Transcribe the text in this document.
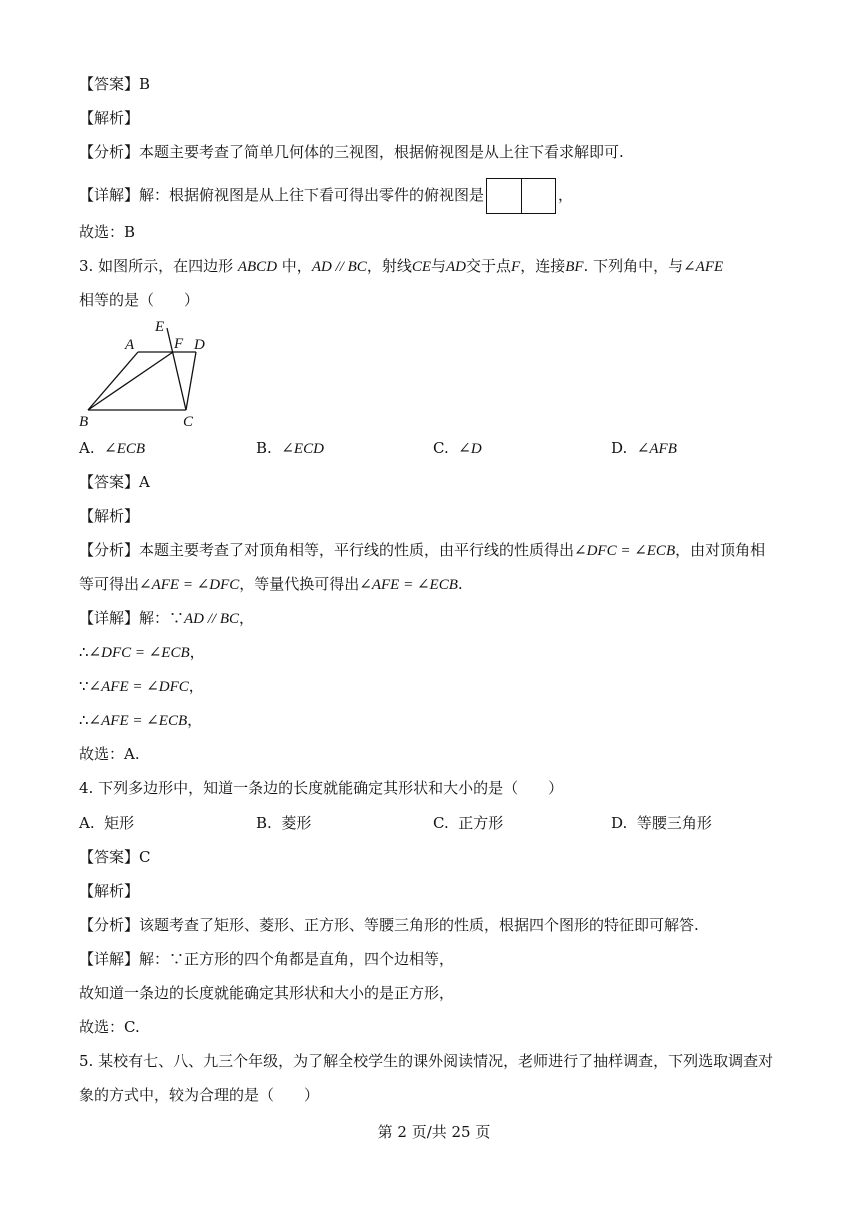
【答案】B
【解析】
【分析】本题主要考查了简单几何体的三视图，根据俯视图是从上往下看求解即可.
【详解】解：根据俯视图是从上往下看可得出零件的俯视图是	，
故选：B
3. 如图所示，在四边形 ABCD 中，AD // BC，射线CE与AD交于点F，连接BF. 下列角中，与∠AFE
相等的是（　　）
E
F
A	D
B	C
A. ∠ECB	B. ∠ECD	C. ∠D	D. ∠AFB
【答案】A
【解析】
【分析】本题主要考查了对顶角相等，平行线的性质，由平行线的性质得出∠DFC = ∠ECB，由对顶角相
等可得出∠AFE = ∠DFC，等量代换可得出∠AFE = ∠ECB.
【详解】解：∵AD // BC，
∴∠DFC = ∠ECB，
∵∠AFE = ∠DFC，
∴∠AFE = ∠ECB，
故选：A.
4. 下列多边形中，知道一条边的长度就能确定其形状和大小的是（　　）
A. 矩形	B. 菱形	C. 正方形	D. 等腰三角形
【答案】C
【解析】
【分析】该题考查了矩形、菱形、正方形、等腰三角形的性质，根据四个图形的特征即可解答.
【详解】解：∵正方形的四个角都是直角，四个边相等，
故知道一条边的长度就能确定其形状和大小的是正方形，
故选：C.
5. 某校有七、八、九三个年级，为了解全校学生的课外阅读情况，老师进行了抽样调查，下列选取调查对
象的方式中，较为合理的是（　　）
第 2 页/共 25 页
